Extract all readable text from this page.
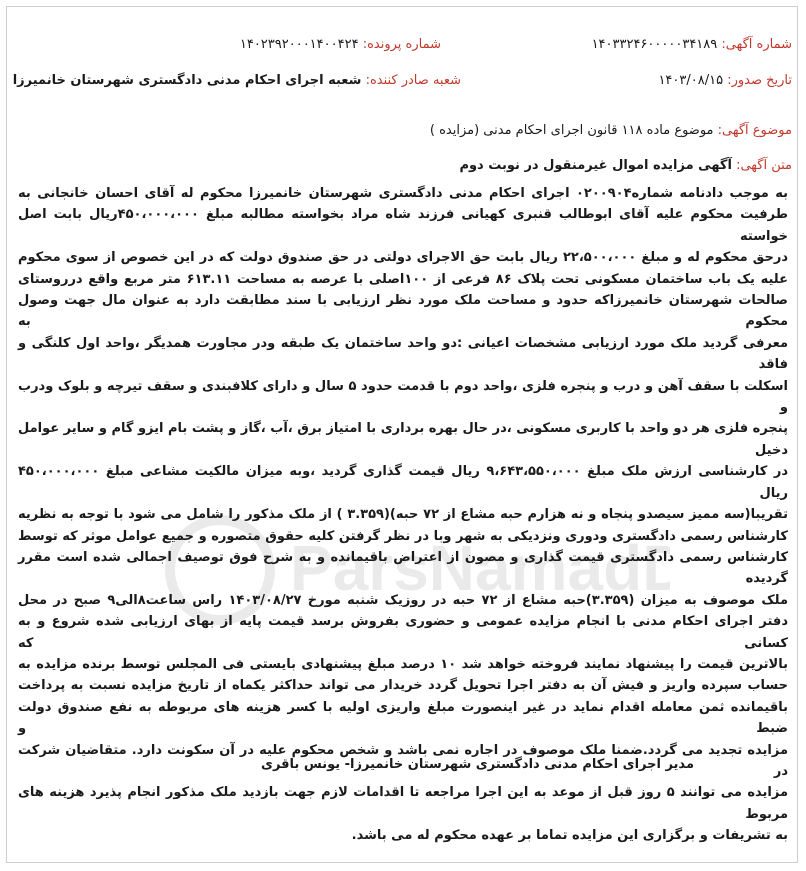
شماره آگهی: ۱۴۰۳۳۲۴۶۰۰۰۰۰۳۴۱۸۹
شماره پرونده: ۱۴۰۲۳۹۲۰۰۰۱۴۰۰۴۲۴
تاریخ صدور: ۱۴۰۳/۰۸/۱۵
شعبه صادر کننده: شعبه اجرای احکام مدنی دادگستری شهرستان خانمیرزا
موضوع آگهی: موضوع ماده ۱۱۸ قانون اجرای احکام مدنی (مزایده )
متن آگهی: آگهی مزایده اموال غیرمنقول در نوبت دوم
به موجب دادنامه شماره۰۲۰۰۹۰۴ اجرای احکام مدنی دادگستری شهرستان خانمیرزا محکوم له آقای احسان خانجانی به
طرفیت محکوم علیه آقای ابوطالب قنبری کهیانی فرزند شاه مراد بخواسته مطالبه مبلغ ۴۵۰،۰۰۰،۰۰۰ریال بابت اصل خواسته
درحق محکوم له و مبلغ ۲۲،۵۰۰،۰۰۰ ریال بابت حق الاجرای دولتی در حق صندوق دولت که در این خصوص از سوی محکوم
علیه یک باب ساختمان مسکونی تحت پلاک ۸۶ فرعی از ۱۰۰اصلی با عرصه به مساحت ۶۱۳.۱۱ متر مربع واقع درروستای
صالحات شهرستان خانمیرزاکه حدود و مساحت ملک مورد نظر ارزیابی با سند مطابقت دارد به عنوان مال جهت وصول محکوم به
معرفی گردید ملک مورد ارزیابی مشخصات اعیانی :دو واحد ساختمان یک طبقه ودر مجاورت همدیگر ،واحد اول کلنگی و فاقد
اسکلت با سقف آهن و درب و پنجره فلزی ،واحد دوم با قدمت حدود ۵ سال و دارای کلافبندی و سقف تیرچه و بلوک ودرب و
پنجره فلزی هر دو واحد با کاربری مسکونی ،در حال بهره برداری با امتیاز برق ،آب ،گاز و پشت بام ایزو گام و سایر عوامل دخیل
در کارشناسی ارزش ملک مبلغ ۹،۶۴۳،۵۵۰،۰۰۰ ریال قیمت گذاری گردید ،وبه میزان مالکیت مشاعی مبلغ ۴۵۰،۰۰۰،۰۰۰ ریال
تقریبا(سه ممیز سیصدو پنجاه و نه هزارم حبه مشاع از ۷۲ حبه)(۳.۳۵۹ ) از ملک مذکور را شامل می شود با توجه به نظریه
کارشناس رسمی دادگستری ودوری ونزدیکی به شهر وبا در نظر گرفتن کلیه حقوق متصوره و جمیع عوامل موثر که توسط
کارشناس رسمی دادگستری قیمت گذاری و مصون از اعتراض باقیمانده و به شرح فوق توصیف اجمالی شده است مقرر گردیده
ملک موصوف به میزان (۳.۳۵۹)حبه مشاع از ۷۲ حبه در روزیک شنبه مورخ ۱۴۰۳/۰۸/۲۷ راس ساعت۸الی۹ صبح در محل
دفتر اجرای احکام مدنی با انجام مزایده عمومی و حضوری بفروش برسد قیمت پایه از بهای ارزیابی شده شروع و به کسانی که
بالاترین قیمت را پیشنهاد نمایند فروخته خواهد شد ۱۰ درصد مبلغ پیشنهادی بایستی فی المجلس توسط برنده مزایده به
حساب سپرده واریز و فیش آن به دفتر اجرا تحویل گردد خریدار می تواند حداکثر یکماه از تاریخ مزایده نسبت به پرداخت
باقیمانده ثمن معامله اقدام نماید در غیر اینصورت مبلغ واریزی اولیه با کسر هزینه های مربوطه به نفع صندوق دولت ضبط و
مزایده تجدید می گردد.ضمنا ملک موصوف در اجاره نمی باشد و شخص محکوم علیه در آن سکونت دارد. متقاضیان شرکت در
مزایده می توانند ۵ روز قبل از موعد به این اجرا مراجعه تا اقدامات لازم جهت بازدید ملک مذکور انجام پذیرد هزینه های مربوط
به تشریفات و برگزاری این مزایده تماما بر عهده محکوم له می باشد.
مدیر اجرای احکام مدنی دادگستری شهرستان خانمیرزا- یونس باقری
